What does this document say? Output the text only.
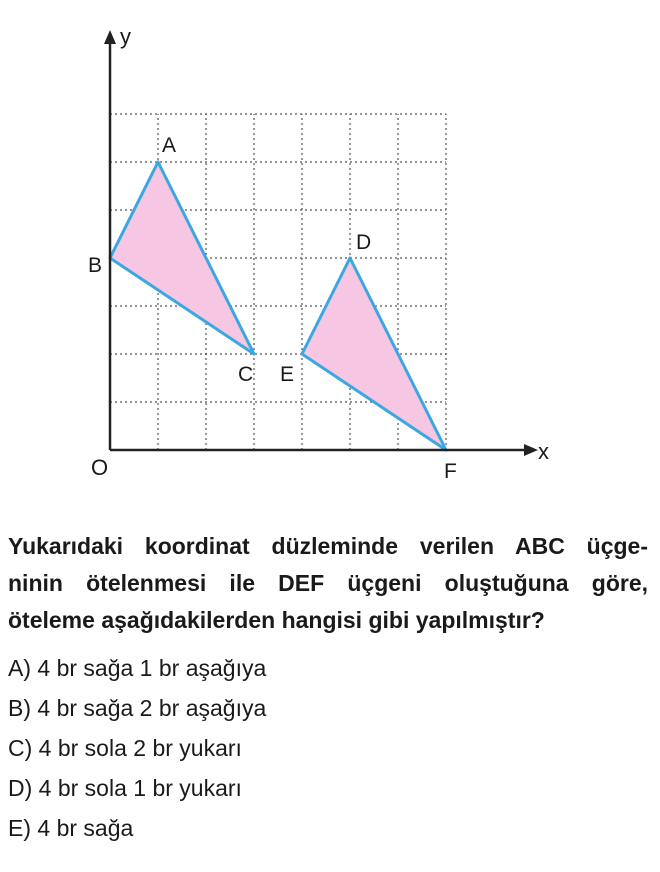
x
y
O
A
B
C
D
E
F
Yukarıdaki koordinat düzleminde verilen ABC üçge-
ninin ötelenmesi ile DEF üçgeni oluştuğuna göre,
öteleme aşağıdakilerden hangisi gibi yapılmıştır?
A) 4 br sağa 1 br aşağıya
B) 4 br sağa 2 br aşağıya
C) 4 br sola 2 br yukarı
D) 4 br sola 1 br yukarı
E) 4 br sağa
